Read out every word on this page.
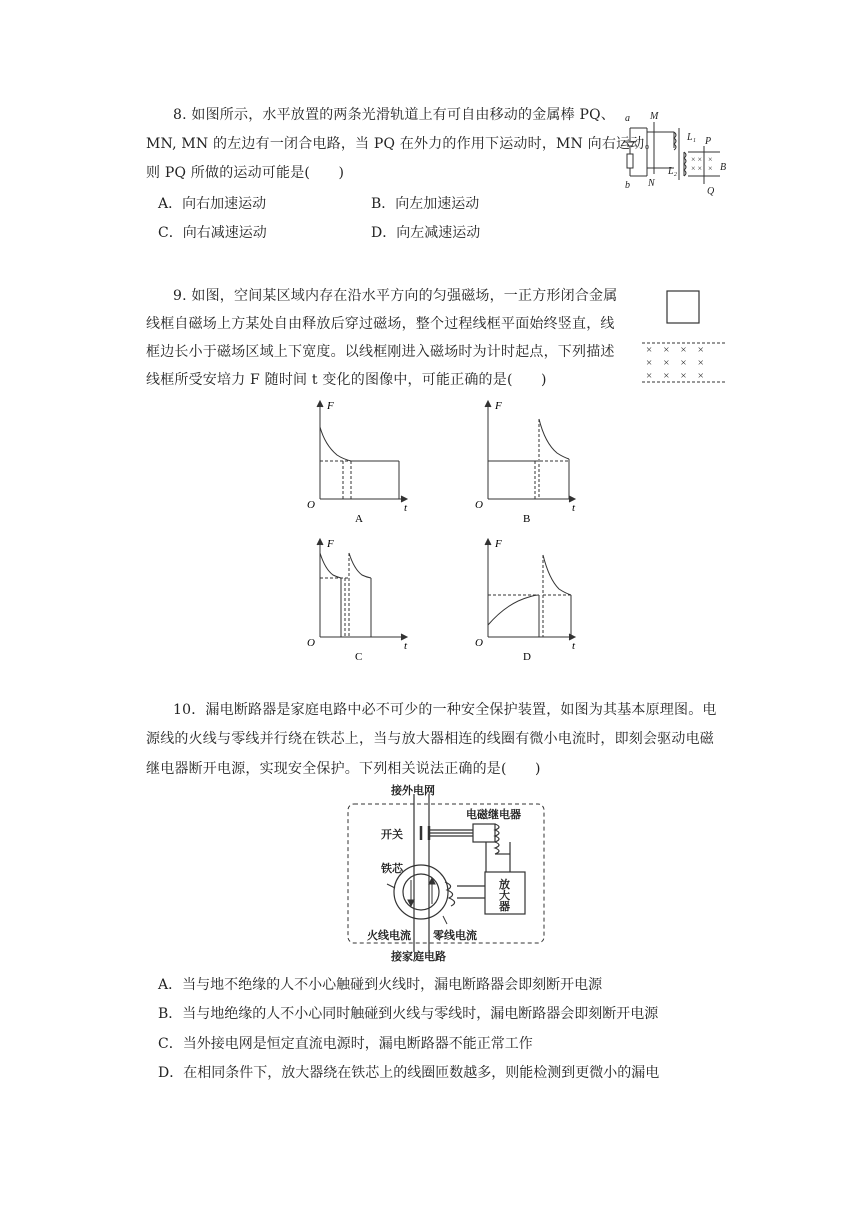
8. 如图所示，水平放置的两条光滑轨道上有可自由移动的金属棒 PQ、
MN, MN 的左边有一闭合电路，当 PQ 在外力的作用下运动时，MN 向右运动。
则 PQ 所做的运动可能是(　　)
A．向右加速运动	B．向左加速运动
C．向右减速运动	D．向左减速运动
× × ×
× × ×
a
b
M
N
L₁
L₂
P
B
Q
9. 如图，空间某区域内存在沿水平方向的匀强磁场，一正方形闭合金属
线框自磁场上方某处自由释放后穿过磁场，整个过程线框平面始终竖直，线
框边长小于磁场区域上下宽度。以线框刚进入磁场时为计时起点，下列描述
线框所受安培力 F 随时间 t 变化的图像中，可能正确的是(　　)
×　×　×　×
×　×　×　×
×　×　×　×
F
t
O
A
F
t
O
B
F
t
O
C
F
t
O
D
10．漏电断路器是家庭电路中必不可少的一种安全保护装置，如图为其基本原理图。电
源线的火线与零线并行绕在铁芯上，当与放大器相连的线圈有微小电流时，即刻会驱动电磁
继电器断开电源，实现安全保护。下列相关说法正确的是(　　)
接外电网
电磁继电器
开关
铁芯
放
大
器
火线电流 零线电流
接家庭电路
A．当与地不绝缘的人不小心触碰到火线时，漏电断路器会即刻断开电源
B．当与地绝缘的人不小心同时触碰到火线与零线时，漏电断路器会即刻断开电源
C．当外接电网是恒定直流电源时，漏电断路器不能正常工作
D．在相同条件下，放大器绕在铁芯上的线圈匝数越多，则能检测到更微小的漏电
